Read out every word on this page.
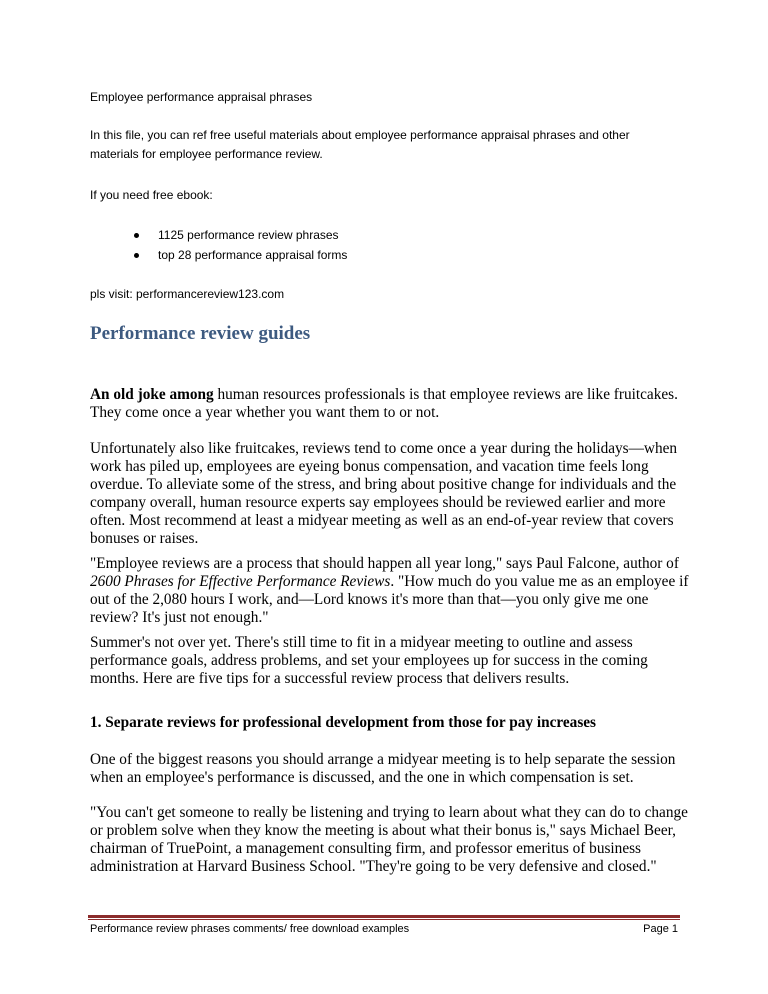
Employee performance appraisal phrases

In this file, you can ref free useful materials about employee performance appraisal phrases and other
materials for employee performance review.

If you need free ebook:

1125 performance review phrases
top 28 performance appraisal forms

pls visit: performancereview123.com

Performance review guides

An old joke among human resources professionals is that employee reviews are like fruitcakes. They come once a year whether you want them to or not.

Unfortunately also like fruitcakes, reviews tend to come once a year during the holidays—when work has piled up, employees are eyeing bonus compensation, and vacation time feels long overdue. To alleviate some of the stress, and bring about positive change for individuals and the company overall, human resource experts say employees should be reviewed earlier and more often. Most recommend at least a midyear meeting as well as an end-of-year review that covers bonuses or raises.

"Employee reviews are a process that should happen all year long," says Paul Falcone, author of 2600 Phrases for Effective Performance Reviews. "How much do you value me as an employee if out of the 2,080 hours I work, and—Lord knows it's more than that—you only give me one review? It's just not enough."

Summer's not over yet. There's still time to fit in a midyear meeting to outline and assess performance goals, address problems, and set your employees up for success in the coming months. Here are five tips for a successful review process that delivers results.

1. Separate reviews for professional development from those for pay increases

One of the biggest reasons you should arrange a midyear meeting is to help separate the session when an employee's performance is discussed, and the one in which compensation is set.

"You can't get someone to really be listening and trying to learn about what they can do to change or problem solve when they know the meeting is about what their bonus is," says Michael Beer, chairman of TruePoint, a management consulting firm, and professor emeritus of business administration at Harvard Business School. "They're going to be very defensive and closed."

Performance review phrases comments/ free download examples	Page 1
